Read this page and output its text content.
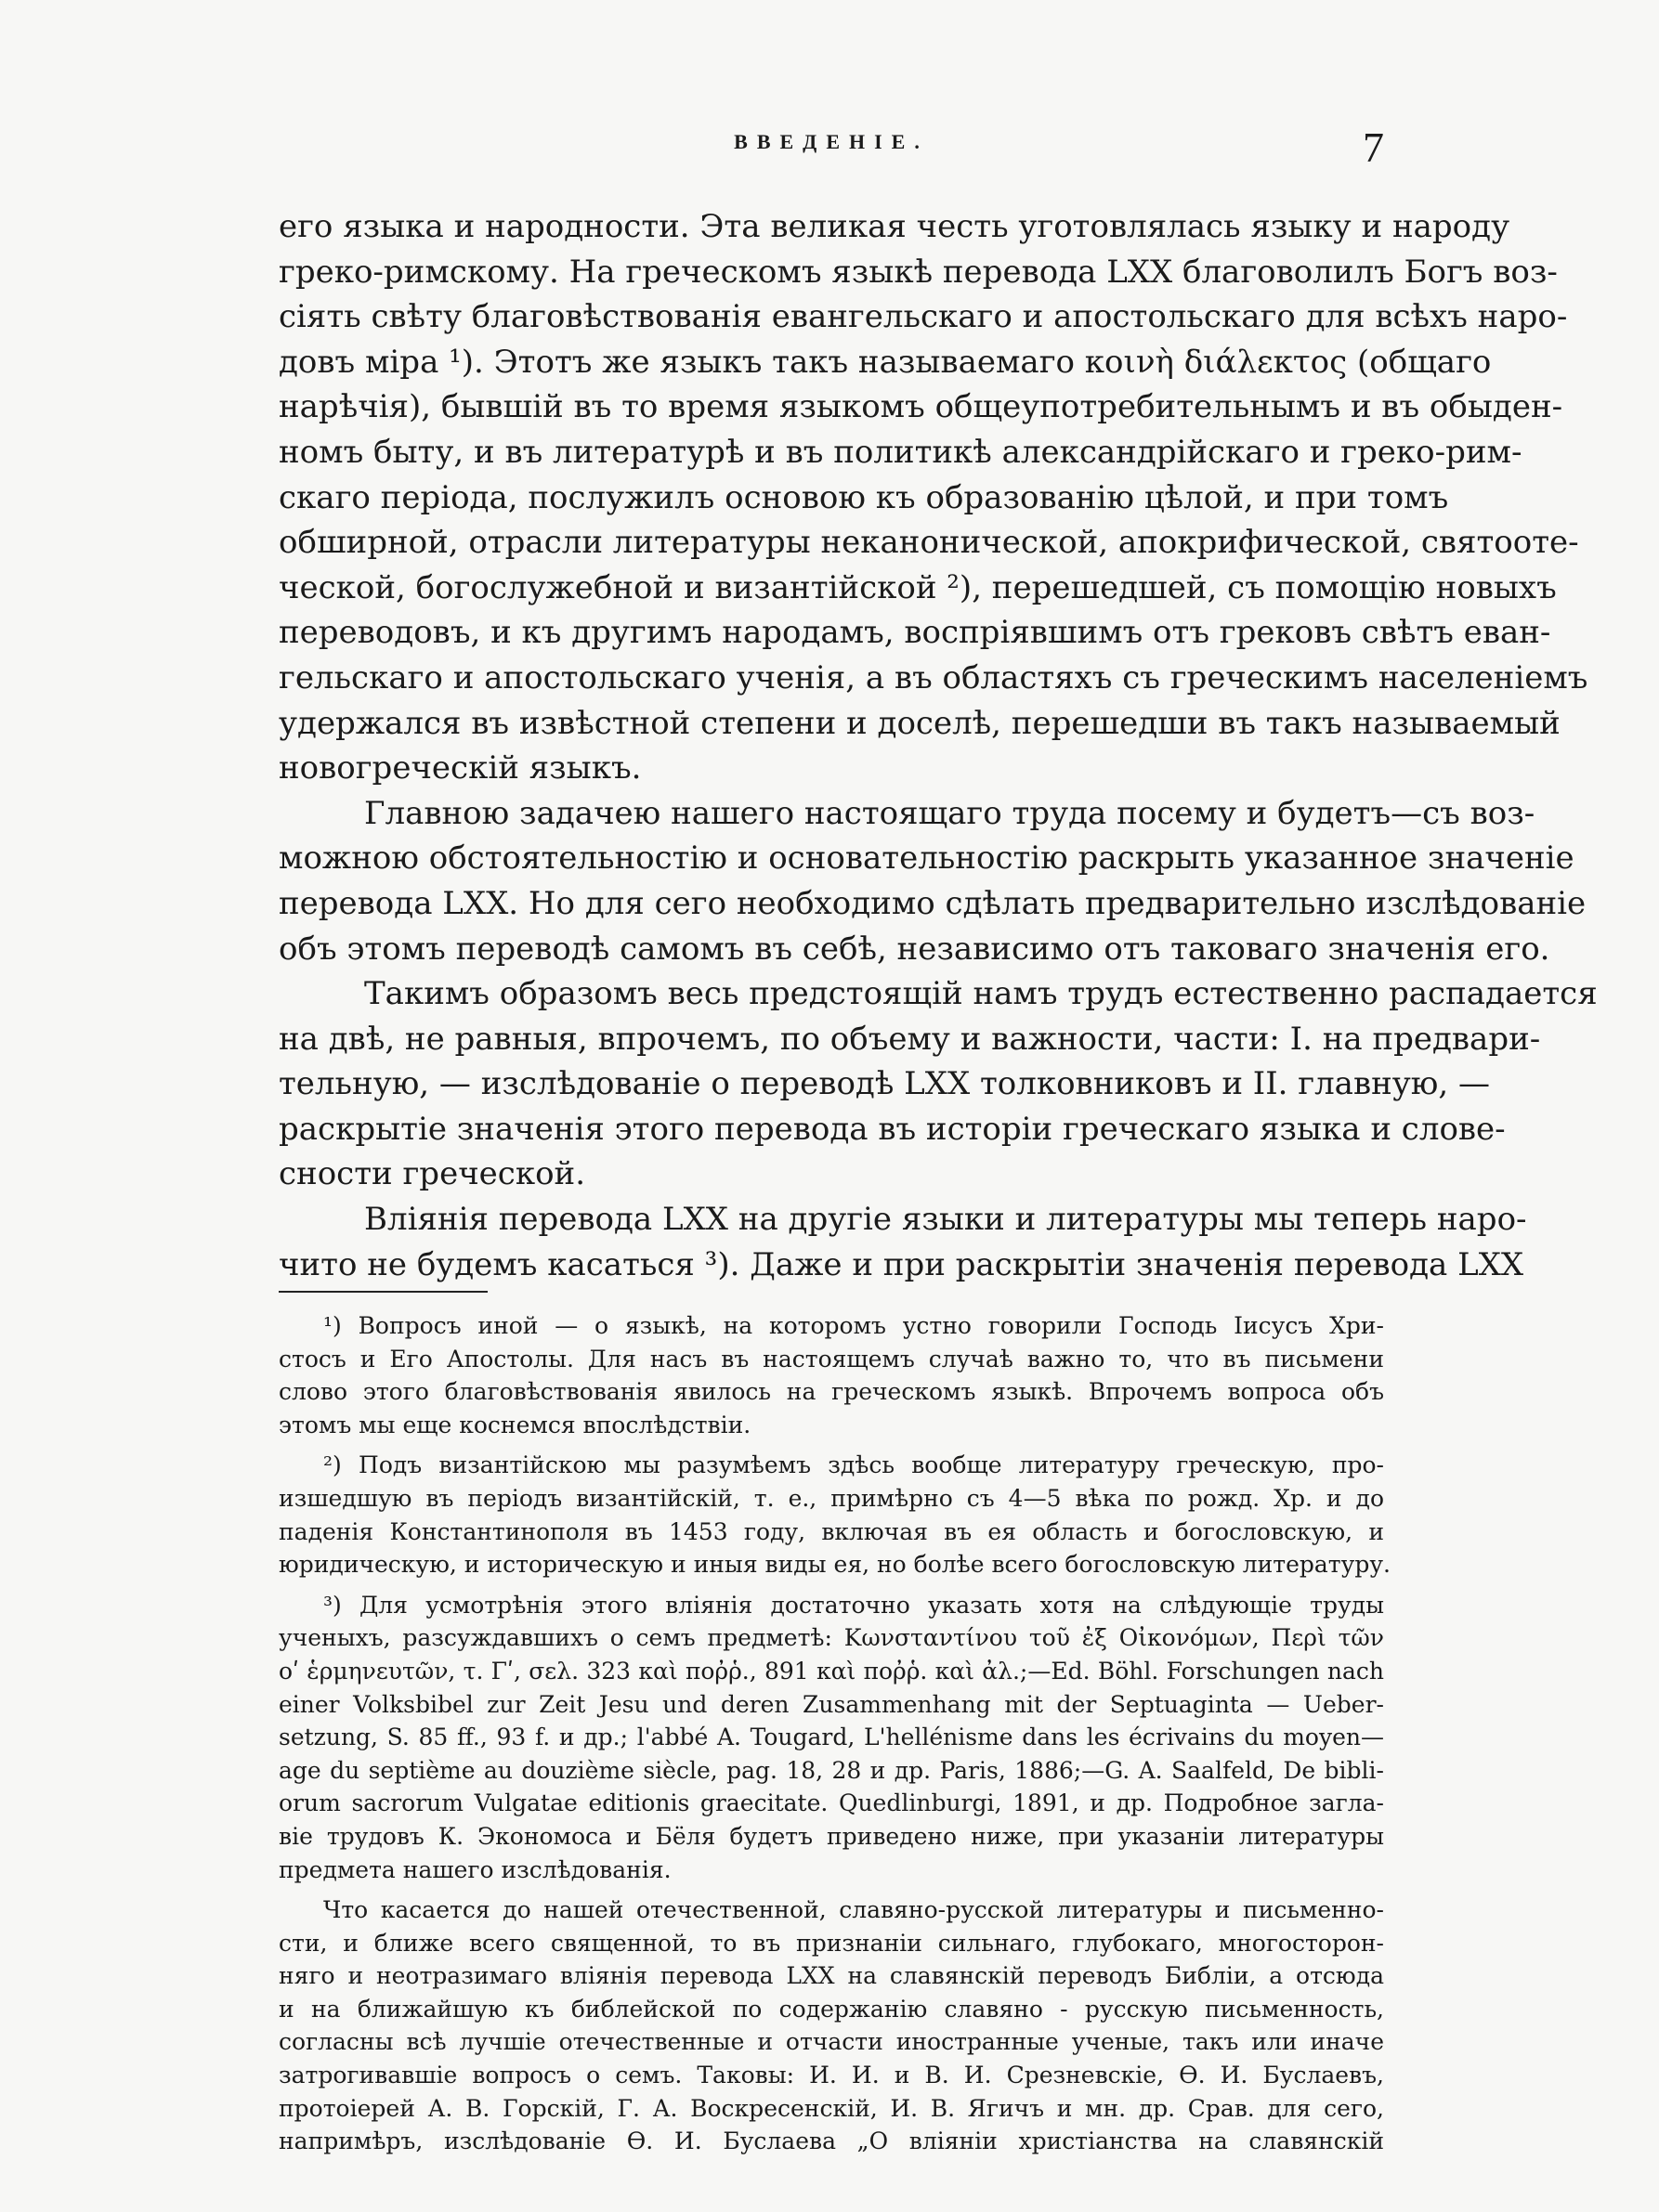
ВВЕДЕНIЕ.	7
его языка и народности. Эта великая честь уготовлялась языку и народу
греко-римскому. На греческомъ языкѣ перевода LXX благоволилъ Богъ воз-
сiять свѣту благовѣствованiя евангельскаго и апостольскаго для всѣхъ наро-
довъ мiра ¹). Этотъ же языкъ такъ называемаго κοινὴ διάλεκτος (общаго
нарѣчiя), бывшiй въ то время языкомъ общеупотребительнымъ и въ обыден-
номъ быту, и въ литературѣ и въ политикѣ александрiйскаго и греко-рим-
скаго перiода, послужилъ основою къ образованiю цѣлой, и при томъ
обширной, отрасли литературы неканонической, апокрифической, святоотe-
ческой, богослужебной и византiйской ²), перешедшей, съ помощiю новыхъ
переводовъ, и къ другимъ народамъ, воспрiявшимъ отъ грековъ свѣтъ еван-
гельскаго и апостольскаго ученiя, а въ областяхъ съ греческимъ населенiемъ
удержался въ извѣстной степени и доселѣ, перешедши въ такъ называемый
новогреческiй языкъ.
Главною задачею нашего настоящаго труда посему и будетъ—съ воз-
можною обстоятельностiю и основательностiю раскрыть указанное значенiе
перевода LXX. Но для сего необходимо сдѣлать предварительно изслѣдованiе
объ этомъ переводѣ самомъ въ себѣ, независимо отъ таковаго значенiя его.
Такимъ образомъ весь предстоящiй намъ трудъ естественно распадается
на двѣ, не равныя, впрочемъ, по объему и важности, части: I. на предвари-
тельную, — изслѣдованiе о переводѣ LXX толковниковъ и II. главную, —
раскрытiе значенiя этого перевода въ исторiи греческаго языка и слове-
сности греческой.
Влiянiя перевода LXX на другiе языки и литературы мы теперь наро-
чито не будемъ касаться ³). Даже и при раскрытiи значенiя перевода LXX
¹) Вопросъ иной — о языкѣ, на которомъ устно говорили Господь Iисусъ Хри-
стосъ и Его Апостолы. Для насъ въ настоящемъ случаѣ важно то, что въ письмени
слово этого благовѣствованiя явилось на греческомъ языкѣ. Впрочемъ вопроса объ
этомъ мы еще коснемся впослѣдствiи.
²) Подъ византiйскою мы разумѣемъ здѣсь вообще литературу греческую, про-
изшедшую въ перiодъ византiйскiй, т. е., примѣрно съ 4—5 вѣка по рожд. Хр. и до
паденiя Константинополя въ 1453 году, включая въ ея область и богословскую, и
юридическую, и историческую и иныя виды ея, но болѣе всего богословскую литературу.
³) Для усмотрѣнiя этого влiянiя достаточно указать хотя на слѣдующiе труды
ученыхъ, разсуждавшихъ о семъ предметѣ: Κωνσταντίνου τοῦ ἐξ Οἰκονόμων, Περὶ τῶν
οʹ ἑρμηνευτῶν, τ. Γʹ, σελ. 323 καὶ ποῤῥ., 891 καὶ ποῤῥ. καὶ ἀλ.;—Ed. Böhl. Forschungen nach
einer Volksbibel zur Zeit Jesu und deren Zusammenhang mit der Septuaginta — Ueber-
setzung, S. 85 ff., 93 f. и др.; l'abbé A. Tougard, L'hellénisme dans les écrivains du moyen—
age du septième au douzième siècle, pag. 18, 28 и др. Paris, 1886;—G. A. Saalfeld, De bibli-
orum sacrorum Vulgatae editionis graecitate. Quedlinburgi, 1891, и др. Подробное загла-
вiе трудовъ К. Экономоса и Бёля будетъ приведено ниже, при указанiи литературы
предмета нашего изслѣдованiя.
Что касается до нашей отечественной, славяно-русской литературы и письменно-
сти, и ближе всего священной, то въ признанiи сильнаго, глубокаго, многосторон-
няго и неотразимаго влiянiя перевода LXX на славянскiй переводъ Библiи, а отсюда
и на ближайшую къ библейской по содержанiю славяно - русскую письменность,
согласны всѣ лучшiе отечественные и отчасти иностранные ученые, такъ или иначе
затрогивавшiе вопросъ о семъ. Таковы: И. И. и В. И. Срезневскiе, Ѳ. И. Буслаевъ,
протоiерей А. В. Горскiй, Г. А. Воскресенскiй, И. В. Ягичъ и мн. др. Срав. для сего,
напримѣръ, изслѣдованiе Ѳ. И. Буслаева „О влiянiи христiанства на славянскiй
